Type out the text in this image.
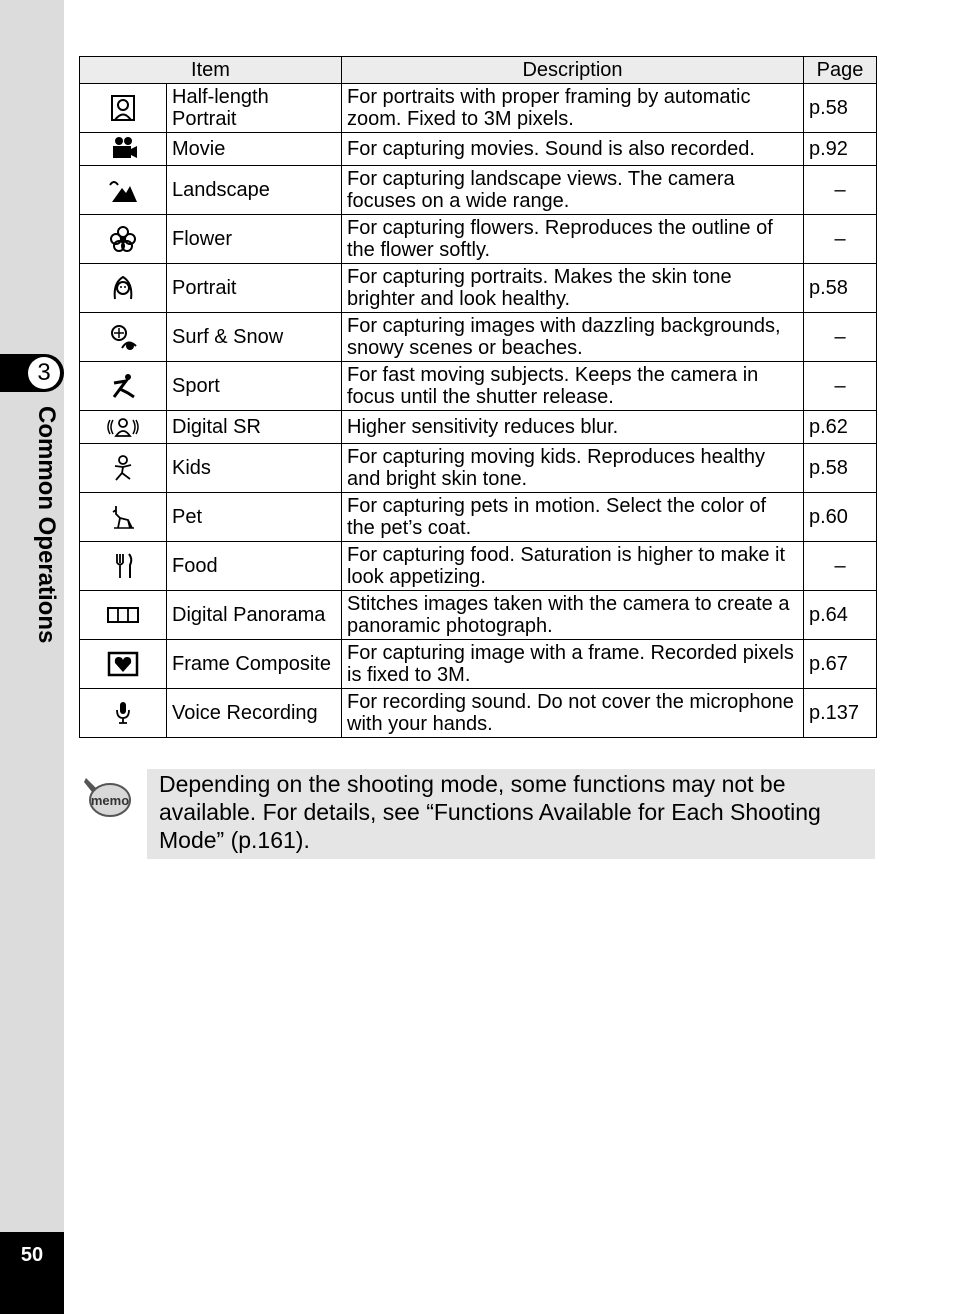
3
Common Operations
50
Item		Description	Page

	Half-length Portrait	For portraits with proper framing by automatic zoom. Fixed to 3M pixels.	p.58

	Movie	For capturing movies. Sound is also recorded.	p.92

	Landscape	For capturing landscape views. The camera focuses on a wide range.	–

	Flower	For capturing flowers. Reproduces the outline of the flower softly.	–

	Portrait	For capturing portraits. Makes the skin tone brighter and look healthy.	p.58

	Surf & Snow	For capturing images with dazzling backgrounds, snowy scenes or beaches.	–

	Sport	For fast moving subjects. Keeps the camera in focus until the shutter release.	–

	Digital SR	Higher sensitivity reduces blur.	p.62

	Kids	For capturing moving kids. Reproduces healthy and bright skin tone.	p.58

	Pet	For capturing pets in motion. Select the color of the pet’s coat.	p.60

	Food	For capturing food. Saturation is higher to make it look appetizing.	–

	Digital Panorama	Stitches images taken with the camera to create a panoramic photograph.	p.64

	Frame Composite	For capturing image with a frame. Recorded pixels is fixed to 3M.	p.67

	Voice Recording	For recording sound. Do not cover the microphone with your hands.	p.137
memo
Depending on the shooting mode, some functions may not be available. For details, see “Functions Available for Each Shooting Mode” (p.161).
